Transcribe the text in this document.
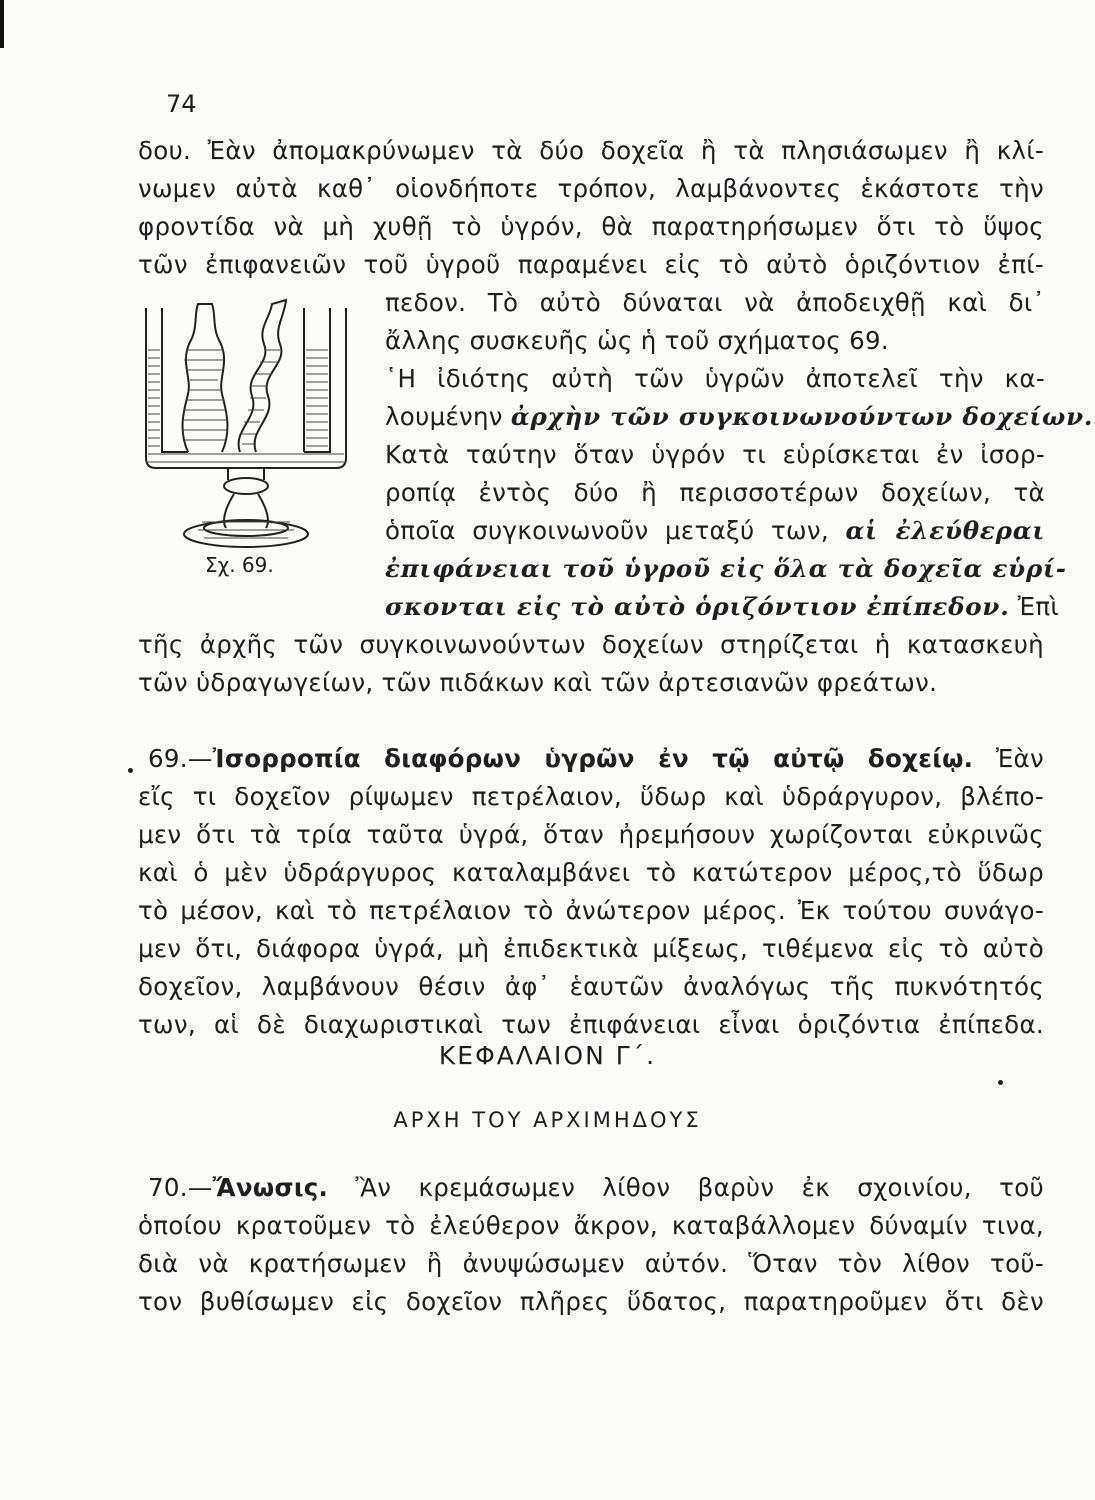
74
δου. Ἐὰν ἀπομακρύνωμεν τὰ δύο δοχεῖα ἢ τὰ πλησιάσωμεν ἢ κλί-
νωμεν αὐτὰ καθ᾽ οἱονδήποτε τρόπον, λαμβάνοντες ἑκάστοτε τὴν
φροντίδα νὰ μὴ χυθῇ τὸ ὑγρόν, θὰ παρατηρήσωμεν ὅτι τὸ ὕψος
τῶν ἐπιφανειῶν τοῦ ὑγροῦ παραμένει εἰς τὸ αὐτὸ ὁριζόντιον ἐπί-
πεδον. Τὸ αὐτὸ δύναται νὰ ἀποδειχθῇ καὶ δι᾽
ἄλλης συσκευῆς ὡς ἡ τοῦ σχήματος 69.
Σχ. 69.
῾Η ἰδιότης αὐτὴ τῶν ὑγρῶν ἀποτελεῖ τὴν κα-
λουμένην ἀρχὴν τῶν συγκοινωνούντων δοχείων.
Κατὰ ταύτην ὅταν ὑγρόν τι εὑρίσκεται ἐν ἰσορ-
ροπίᾳ ἐντὸς δύο ἢ περισσοτέρων δοχείων, τὰ
ὁποῖα συγκοινωνοῦν μεταξύ των, αἱ ἐλεύθεραι
ἐπιφάνειαι τοῦ ὑγροῦ εἰς ὅλα τὰ δοχεῖα εὑρί-
σκονται εἰς τὸ αὐτὸ ὁριζόντιον ἐπίπεδον. Ἐπὶ
τῆς ἀρχῆς τῶν συγκοινωνούντων δοχείων στηρίζεται ἡ κατασκευὴ
τῶν ὑδραγωγείων, τῶν πιδάκων καὶ τῶν ἀρτεσιανῶν φρεάτων.
69.—Ἰσορροπία διαφόρων ὑγρῶν ἐν τῷ αὐτῷ δοχείῳ. Ἐὰν
εἴς τι δοχεῖον ρίψωμεν πετρέλαιον, ὕδωρ καὶ ὑδράργυρον, βλέπο-
μεν ὅτι τὰ τρία ταῦτα ὑγρά, ὅταν ἠρεμήσουν χωρίζονται εὐκρινῶς
καὶ ὁ μὲν ὑδράργυρος καταλαμβάνει τὸ κατώτερον μέρος,τὸ ὕδωρ
τὸ μέσον, καὶ τὸ πετρέλαιον τὸ ἀνώτερον μέρος. Ἐκ τούτου συνάγο-
μεν ὅτι, διάφορα ὑγρά, μὴ ἐπιδεκτικὰ μίξεως, τιθέμενα εἰς τὸ αὐτὸ
δοχεῖον, λαμβάνουν θέσιν ἀφ᾽ ἑαυτῶν ἀναλόγως τῆς πυκνότητός
των, αἱ δὲ διαχωριστικαὶ των ἐπιφάνειαι εἶναι ὁριζόντια ἐπίπεδα.
ΚΕΦΑΛΑΙΟΝ Γ΄.
ΑΡΧΗ ΤΟΥ ΑΡΧΙΜΗΔΟΥΣ
70.—Ἄνωσις. Ἂν κρεμάσωμεν λίθον βαρὺν ἐκ σχοινίου, τοῦ
ὁποίου κρατοῦμεν τὸ ἐλεύθερον ἄκρον, καταβάλλομεν δύναμίν τινα,
διὰ νὰ κρατήσωμεν ἢ ἀνυψώσωμεν αὐτόν. Ὅταν τὸν λίθον τοῦ-
τον βυθίσωμεν εἰς δοχεῖον πλῆρες ὕδατος, παρατηροῦμεν ὅτι δὲν
